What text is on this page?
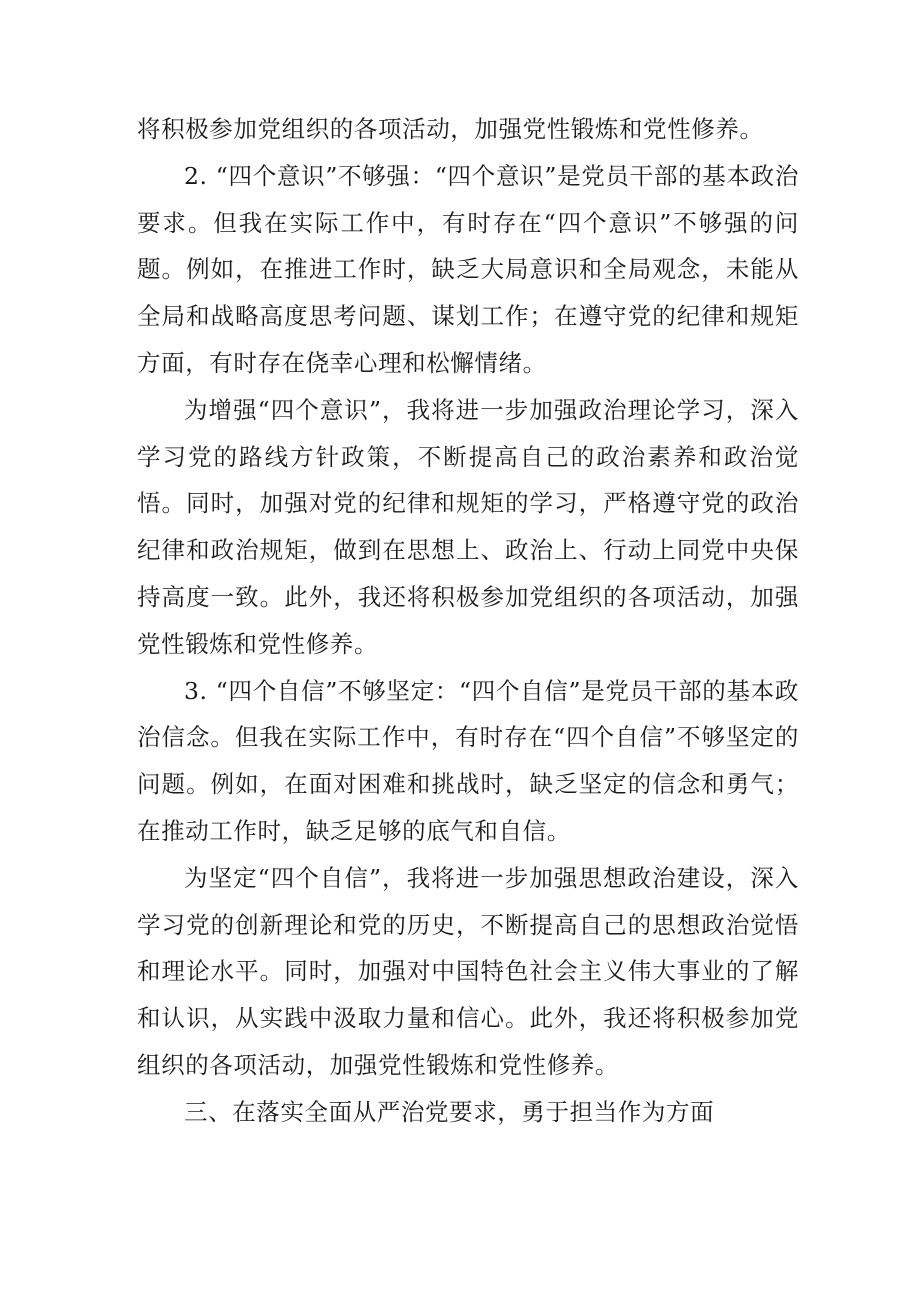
将积极参加党组织的各项活动，加强党性锻炼和党性修养。

2. “四个意识”不够强：“四个意识”是党员干部的基本政治要求。但我在实际工作中，有时存在“四个意识”不够强的问题。例如，在推进工作时，缺乏大局意识和全局观念，未能从全局和战略高度思考问题、谋划工作；在遵守党的纪律和规矩方面，有时存在侥幸心理和松懈情绪。

为增强“四个意识”，我将进一步加强政治理论学习，深入学习党的路线方针政策，不断提高自己的政治素养和政治觉悟。同时，加强对党的纪律和规矩的学习，严格遵守党的政治纪律和政治规矩，做到在思想上、政治上、行动上同党中央保持高度一致。此外，我还将积极参加党组织的各项活动，加强党性锻炼和党性修养。

3. “四个自信”不够坚定：“四个自信”是党员干部的基本政治信念。但我在实际工作中，有时存在“四个自信”不够坚定的问题。例如，在面对困难和挑战时，缺乏坚定的信念和勇气；在推动工作时，缺乏足够的底气和自信。

为坚定“四个自信”，我将进一步加强思想政治建设，深入学习党的创新理论和党的历史，不断提高自己的思想政治觉悟和理论水平。同时，加强对中国特色社会主义伟大事业的了解和认识，从实践中汲取力量和信心。此外，我还将积极参加党组织的各项活动，加强党性锻炼和党性修养。

三、在落实全面从严治党要求，勇于担当作为方面
